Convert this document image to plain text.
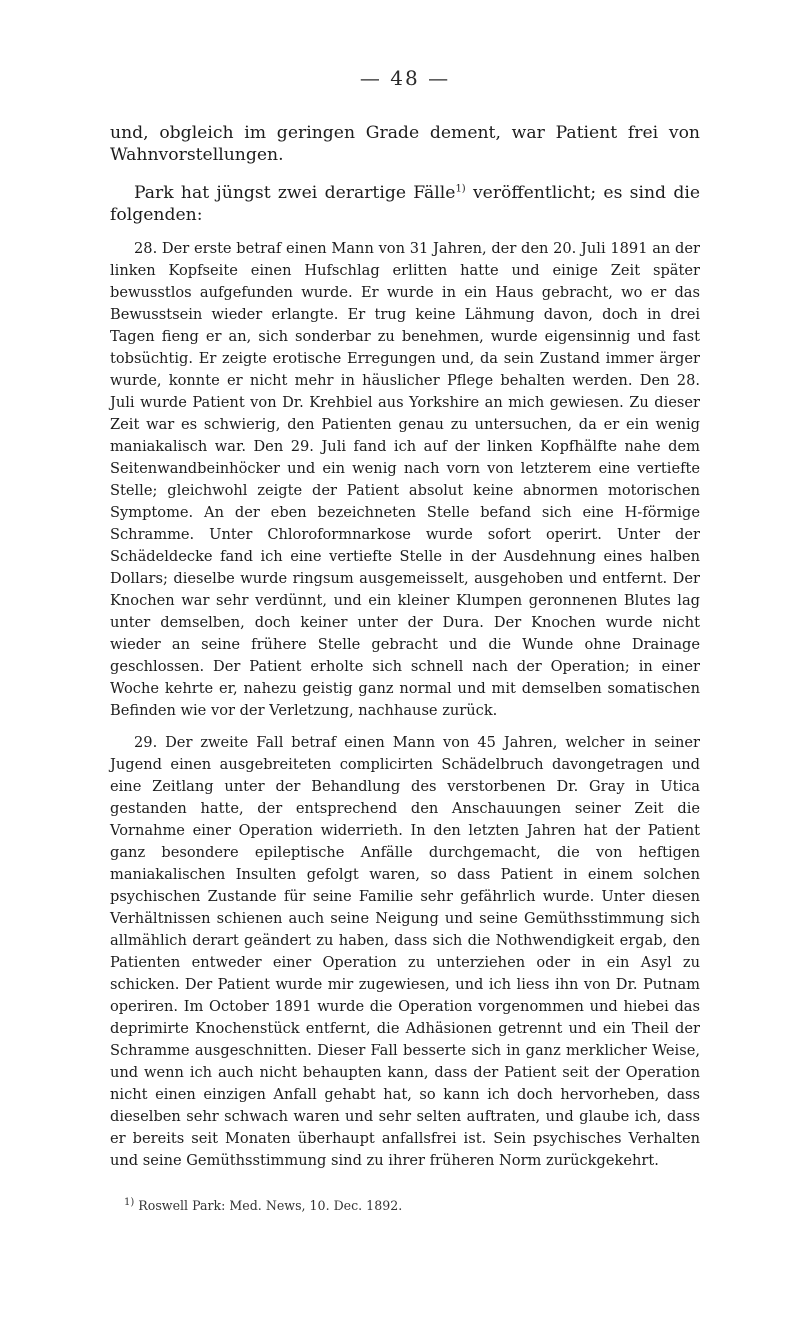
— 48 —

und, obgleich im geringen Grade dement, war Patient frei von Wahnvorstellungen.

Park hat jüngst zwei derartige Fälle$^{1)}$ veröffentlicht; es sind die folgenden:

28. Der erste betraf einen Mann von 31 Jahren, der den 20. Juli 1891 an der linken Kopfseite einen Hufschlag erlitten hatte und einige Zeit später bewusstlos aufgefunden wurde. Er wurde in ein Haus gebracht, wo er das Bewusstsein wieder erlangte. Er trug keine Lähmung davon, doch in drei Tagen fieng er an, sich sonderbar zu benehmen, wurde eigensinnig und fast tobsüchtig. Er zeigte erotische Erregungen und, da sein Zustand immer ärger wurde, konnte er nicht mehr in häuslicher Pflege behalten werden. Den 28. Juli wurde Patient von Dr. Krehbiel aus Yorkshire an mich gewiesen. Zu dieser Zeit war es schwierig, den Patienten genau zu untersuchen, da er ein wenig maniakalisch war. Den 29. Juli fand ich auf der linken Kopfhälfte nahe dem Seitenwandbeinhöcker und ein wenig nach vorn von letzterem eine vertiefte Stelle; gleichwohl zeigte der Patient absolut keine abnormen motorischen Symptome. An der eben bezeichneten Stelle befand sich eine H-förmige Schramme. Unter Chloroformnarkose wurde sofort operirt. Unter der Schädeldecke fand ich eine vertiefte Stelle in der Ausdehnung eines halben Dollars; dieselbe wurde ringsum ausgemeisselt, ausgehoben und entfernt. Der Knochen war sehr verdünnt, und ein kleiner Klumpen geronnenen Blutes lag unter demselben, doch keiner unter der Dura. Der Knochen wurde nicht wieder an seine frühere Stelle gebracht und die Wunde ohne Drainage geschlossen. Der Patient erholte sich schnell nach der Operation; in einer Woche kehrte er, nahezu geistig ganz normal und mit demselben somatischen Befinden wie vor der Verletzung, nachhause zurück.

29. Der zweite Fall betraf einen Mann von 45 Jahren, welcher in seiner Jugend einen ausgebreiteten complicirten Schädelbruch davongetragen und eine Zeitlang unter der Behandlung des verstorbenen Dr. Gray in Utica gestanden hatte, der entsprechend den Anschauungen seiner Zeit die Vornahme einer Operation widerrieth. In den letzten Jahren hat der Patient ganz besondere epileptische Anfälle durchgemacht, die von heftigen maniakalischen Insulten gefolgt waren, so dass Patient in einem solchen psychischen Zustande für seine Familie sehr gefährlich wurde. Unter diesen Verhältnissen schienen auch seine Neigung und seine Gemüthsstimmung sich allmählich derart geändert zu haben, dass sich die Nothwendigkeit ergab, den Patienten entweder einer Operation zu unterziehen oder in ein Asyl zu schicken. Der Patient wurde mir zugewiesen, und ich liess ihn von Dr. Putnam operiren. Im October 1891 wurde die Operation vorgenommen und hiebei das deprimirte Knochenstück entfernt, die Adhäsionen getrennt und ein Theil der Schramme ausgeschnitten. Dieser Fall besserte sich in ganz merklicher Weise, und wenn ich auch nicht behaupten kann, dass der Patient seit der Operation nicht einen einzigen Anfall gehabt hat, so kann ich doch hervorheben, dass dieselben sehr schwach waren und sehr selten auftraten, und glaube ich, dass er bereits seit Monaten überhaupt anfallsfrei ist. Sein psychisches Verhalten und seine Gemüthsstimmung sind zu ihrer früheren Norm zurückgekehrt.

$^{1)}$ Roswell Park: Med. News, 10. Dec. 1892.
